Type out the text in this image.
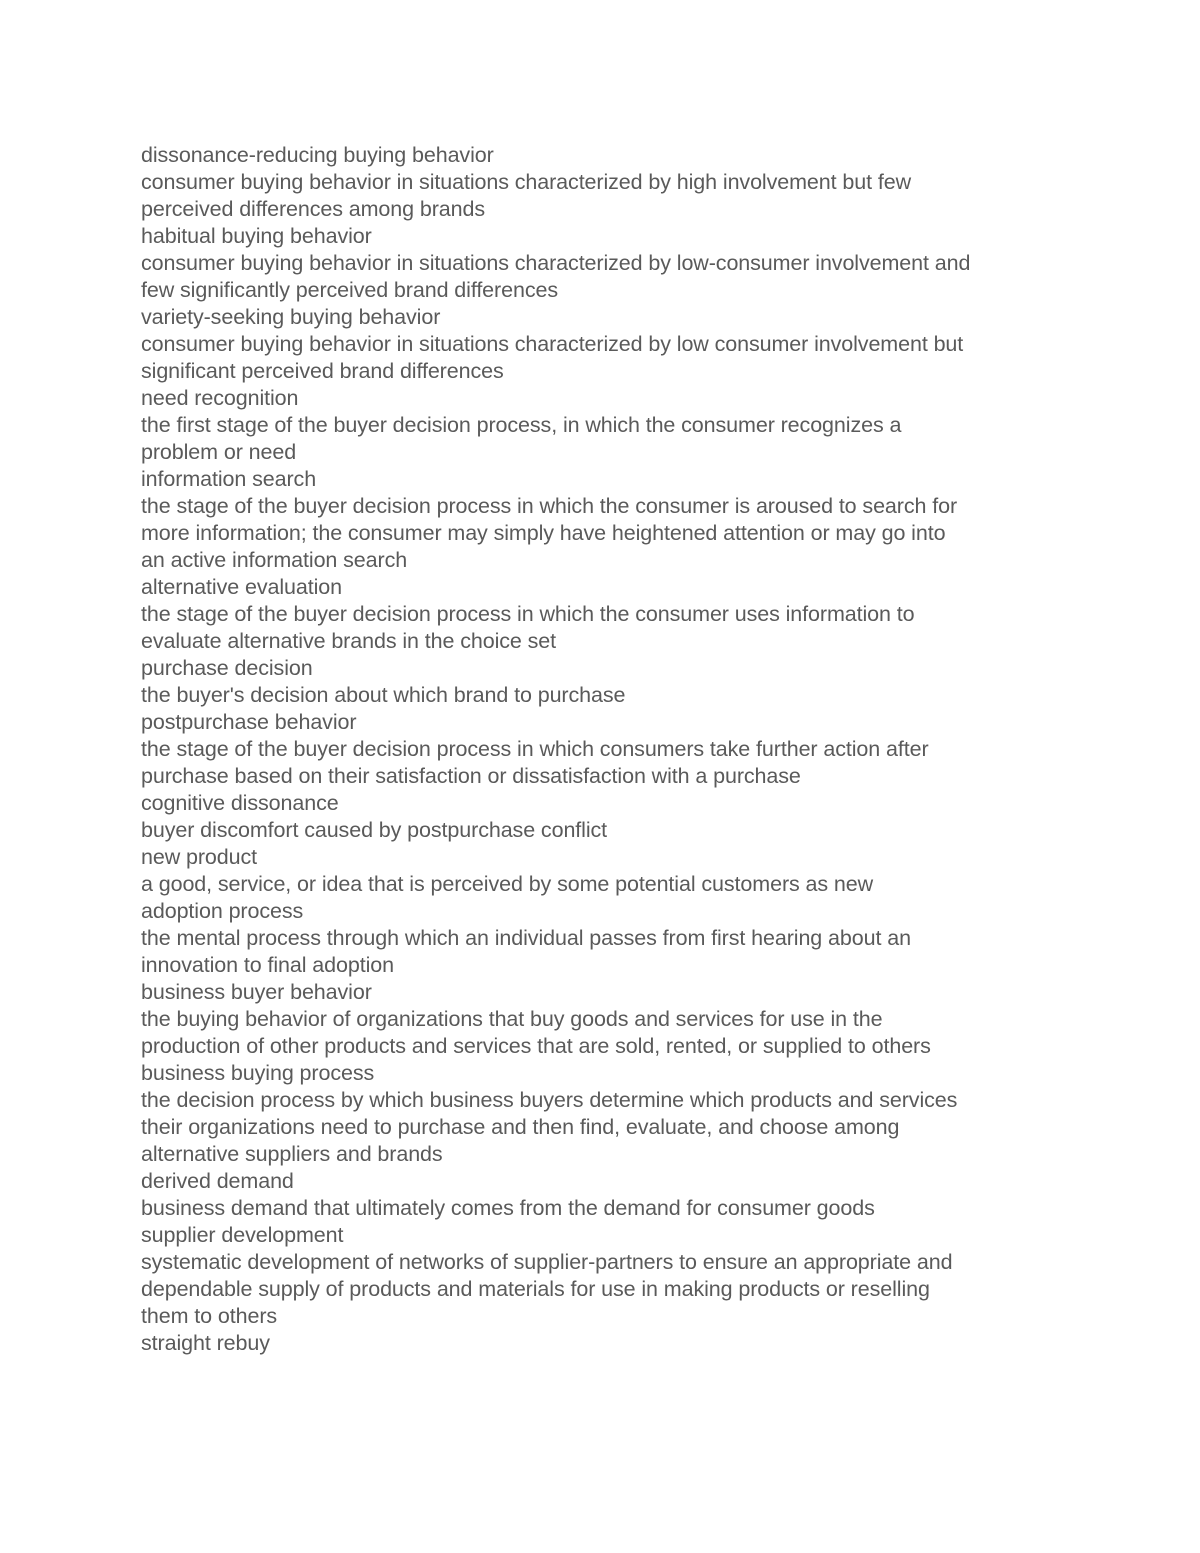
dissonance-reducing buying behavior
consumer buying behavior in situations characterized by high involvement but few
perceived differences among brands
habitual buying behavior
consumer buying behavior in situations characterized by low-consumer involvement and
few significantly perceived brand differences
variety-seeking buying behavior
consumer buying behavior in situations characterized by low consumer involvement but
significant perceived brand differences
need recognition
the first stage of the buyer decision process, in which the consumer recognizes a
problem or need
information search
the stage of the buyer decision process in which the consumer is aroused to search for
more information; the consumer may simply have heightened attention or may go into
an active information search
alternative evaluation
the stage of the buyer decision process in which the consumer uses information to
evaluate alternative brands in the choice set
purchase decision
the buyer's decision about which brand to purchase
postpurchase behavior
the stage of the buyer decision process in which consumers take further action after
purchase based on their satisfaction or dissatisfaction with a purchase
cognitive dissonance
buyer discomfort caused by postpurchase conflict
new product
a good, service, or idea that is perceived by some potential customers as new
adoption process
the mental process through which an individual passes from first hearing about an
innovation to final adoption
business buyer behavior
the buying behavior of organizations that buy goods and services for use in the
production of other products and services that are sold, rented, or supplied to others
business buying process
the decision process by which business buyers determine which products and services
their organizations need to purchase and then find, evaluate, and choose among
alternative suppliers and brands
derived demand
business demand that ultimately comes from the demand for consumer goods
supplier development
systematic development of networks of supplier-partners to ensure an appropriate and
dependable supply of products and materials for use in making products or reselling
them to others
straight rebuy
